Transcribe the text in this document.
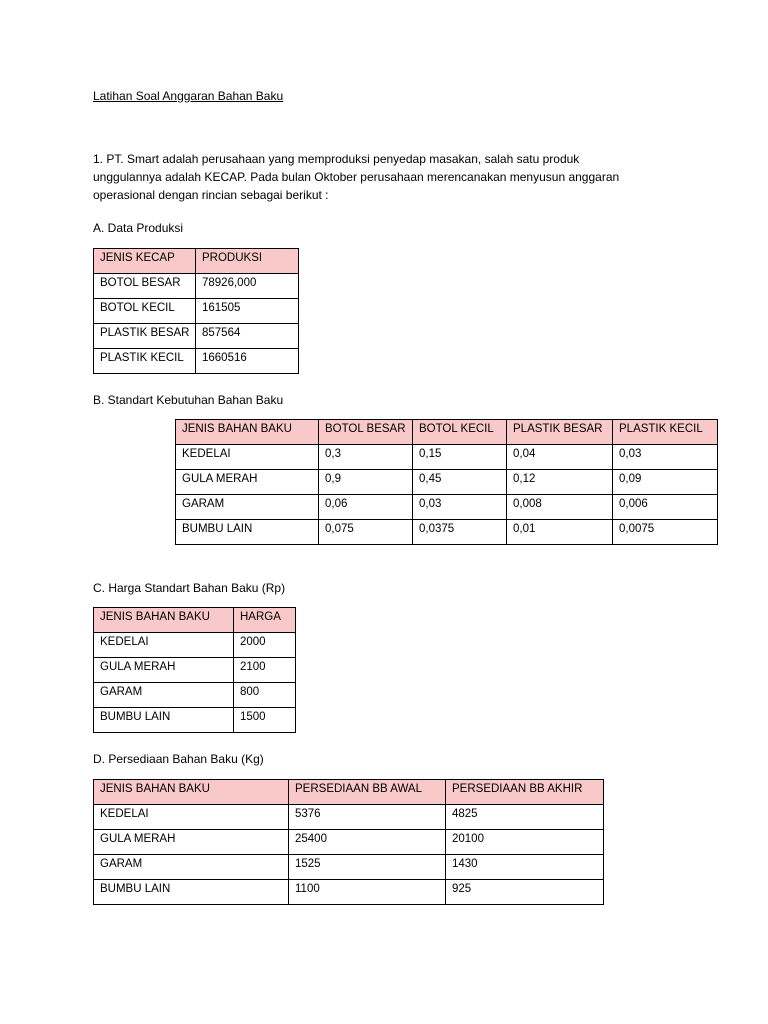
Latihan Soal Anggaran Bahan Baku
1. PT. Smart adalah perusahaan yang memproduksi penyedap masakan, salah satu produk
unggulannya adalah KECAP. Pada bulan Oktober perusahaan merencanakan menyusun anggaran
operasional dengan rincian sebagai berikut :
A. Data Produksi
JENIS KECAP	PRODUKSI
BOTOL BESAR	78926,000
BOTOL KECIL	161505
PLASTIK BESAR	857564
PLASTIK KECIL	1660516
B. Standart Kebutuhan Bahan Baku
JENIS BAHAN BAKU	BOTOL BESAR	BOTOL KECIL	PLASTIK BESAR	PLASTIK KECIL
KEDELAI	0,3	0,15	0,04	0,03
GULA MERAH	0,9	0,45	0,12	0,09
GARAM	0,06	0,03	0,008	0,006
BUMBU LAIN	0,075	0,0375	0,01	0,0075
C. Harga Standart Bahan Baku (Rp)
JENIS BAHAN BAKU	HARGA
KEDELAI	2000
GULA MERAH	2100
GARAM	800
BUMBU LAIN	1500
D. Persediaan Bahan Baku (Kg)
JENIS BAHAN BAKU	PERSEDIAAN BB AWAL	PERSEDIAAN BB AKHIR
KEDELAI	5376	4825
GULA MERAH	25400	20100
GARAM	1525	1430
BUMBU LAIN	1100	925
